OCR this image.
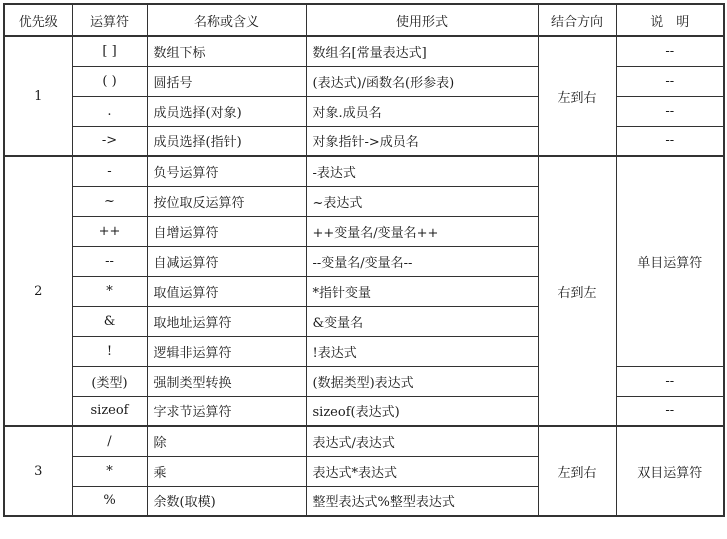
优先级	运算符	名称或含义	使用形式	结合方向	说　明
1	[ ]	数组下标	数组名[常量表达式]	左到右	--
	( )	圆括号	(表达式)/函数名(形参表)		--
	.	成员选择(对象)	对象.成员名		--
	->	成员选择(指针)	对象指针->成员名		--
2	-	负号运算符	-表达式	右到左	单目运算符
	~	按位取反运算符	~表达式		
	++	自增运算符	++变量名/变量名++		
	--	自减运算符	--变量名/变量名--		
	*	取值运算符	*指针变量		
	&	取地址运算符	&变量名		
	!	逻辑非运算符	!表达式		
	(类型)	强制类型转换	(数据类型)表达式		--
	sizeof	字求节运算符	sizeof(表达式)		--
3	/	除	表达式/表达式	左到右	双目运算符
	*	乘	表达式*表达式		
	%	余数(取模)	整型表达式%整型表达式		
